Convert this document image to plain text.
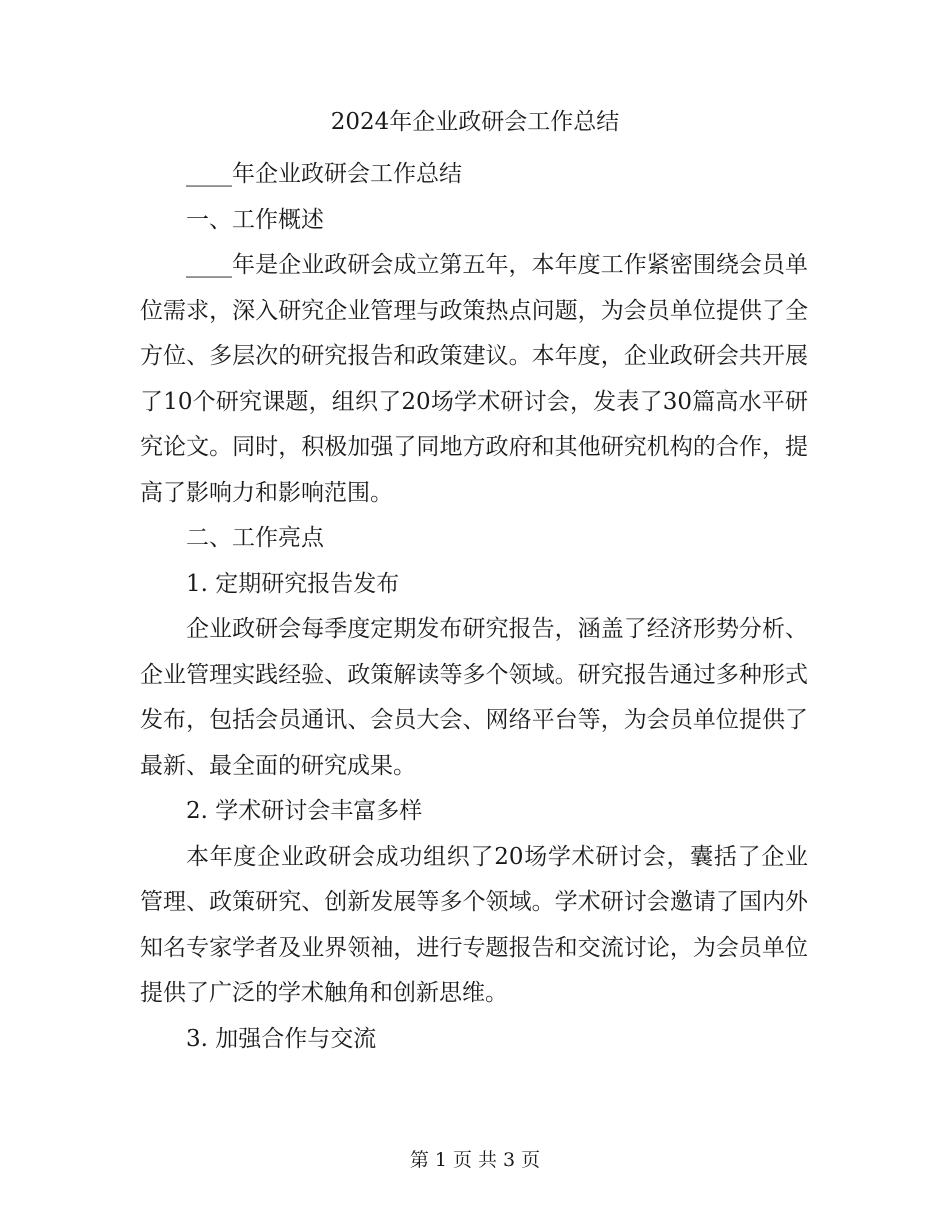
2024年企业政研会工作总结

____年企业政研会工作总结

一、工作概述

____年是企业政研会成立第五年，本年度工作紧密围绕会员单位需求，深入研究企业管理与政策热点问题，为会员单位提供了全方位、多层次的研究报告和政策建议。本年度，企业政研会共开展了10个研究课题，组织了20场学术研讨会，发表了30篇高水平研究论文。同时，积极加强了同地方政府和其他研究机构的合作，提高了影响力和影响范围。

二、工作亮点

1. 定期研究报告发布

企业政研会每季度定期发布研究报告，涵盖了经济形势分析、企业管理实践经验、政策解读等多个领域。研究报告通过多种形式发布，包括会员通讯、会员大会、网络平台等，为会员单位提供了最新、最全面的研究成果。

2. 学术研讨会丰富多样

本年度企业政研会成功组织了20场学术研讨会，囊括了企业管理、政策研究、创新发展等多个领域。学术研讨会邀请了国内外知名专家学者及业界领袖，进行专题报告和交流讨论，为会员单位提供了广泛的学术触角和创新思维。

3. 加强合作与交流

第 1 页 共 3 页
